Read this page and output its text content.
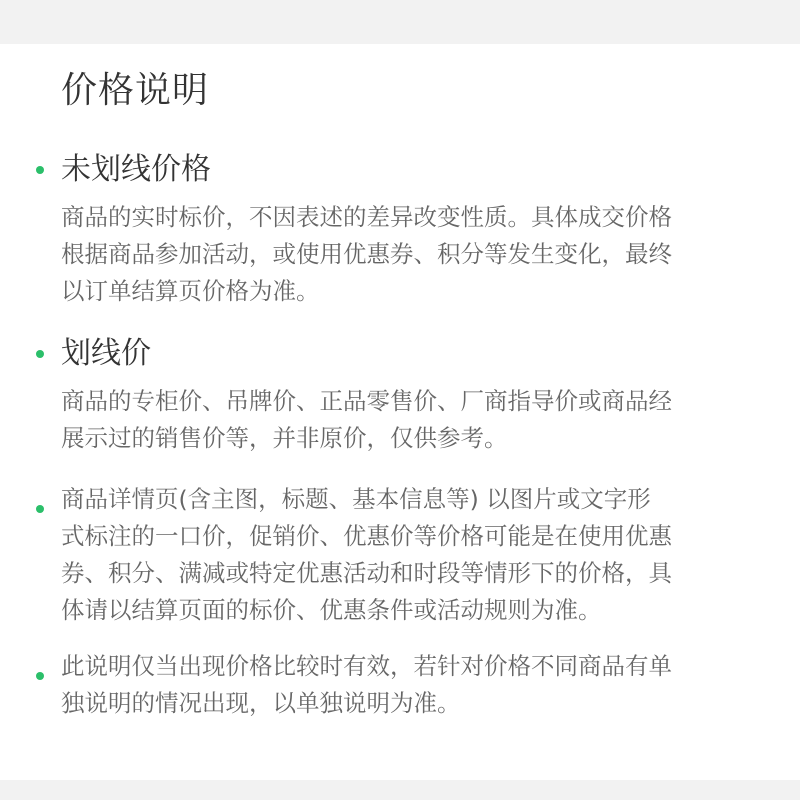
价格说明
未划线价格

商品的实时标价，不因表述的差异改变性质。具体成交价格
根据商品参加活动，或使用优惠券、积分等发生变化，最终
以订单结算页价格为准。

划线价

商品的专柜价、吊牌价、正品零售价、厂商指导价或商品经
展示过的销售价等，并非原价，仅供参考。

商品详情页(含主图，标题、基本信息等) 以图片或文字形
式标注的一口价，促销价、优惠价等价格可能是在使用优惠
券、积分、满减或特定优惠活动和时段等情形下的价格，具
体请以结算页面的标价、优惠条件或活动规则为准。

此说明仅当出现价格比较时有效，若针对价格不同商品有单
独说明的情况出现，以单独说明为准。
